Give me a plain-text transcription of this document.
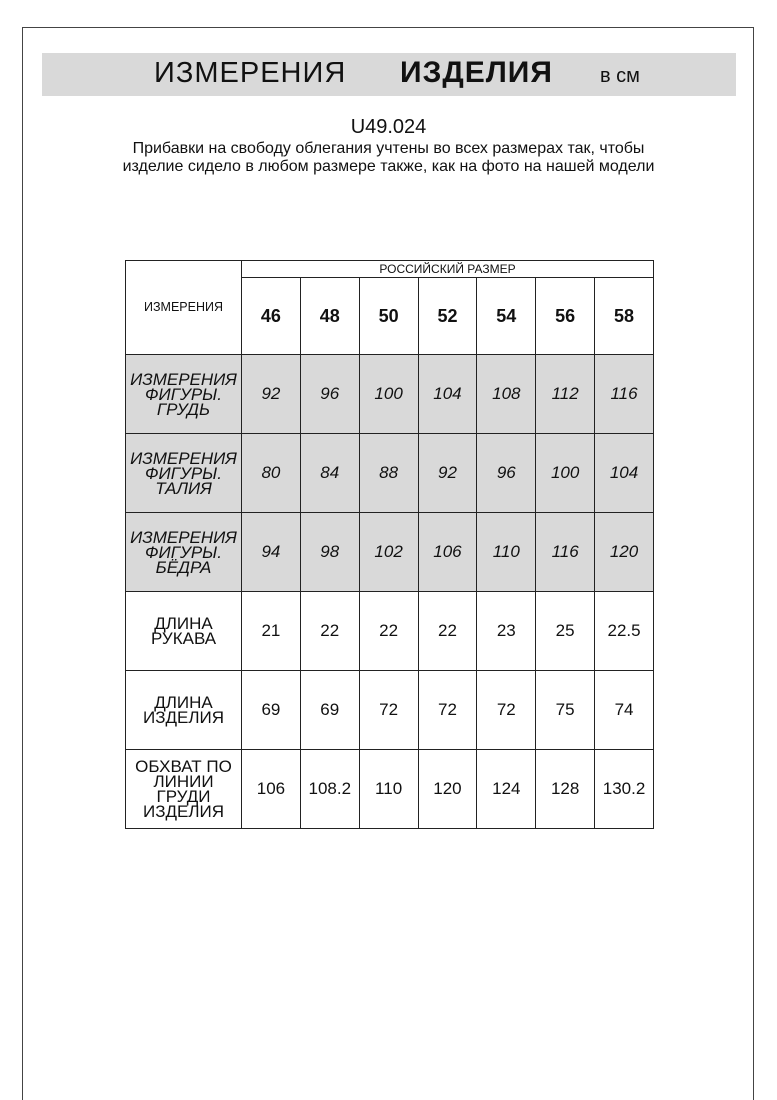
ИЗМЕРЕНИЯ ИЗДЕЛИЯ в см
U49.024
Прибавки на свободу облегания учтены во всех размерах так, чтобы изделие сидело в любом размере также, как на фото на нашей модели
ИЗМЕРЕНИЯ	РОССИЙСКИЙ РАЗМЕР						
	46	48	50	52	54	56	58
ИЗМЕРЕНИЯ ФИГУРЫ. ГРУДЬ	92	96	100	104	108	112	116
ИЗМЕРЕНИЯ ФИГУРЫ. ТАЛИЯ	80	84	88	92	96	100	104
ИЗМЕРЕНИЯ ФИГУРЫ. БЁДРА	94	98	102	106	110	116	120
ДЛИНА РУКАВА	21	22	22	22	23	25	22.5
ДЛИНА ИЗДЕЛИЯ	69	69	72	72	72	75	74
ОБХВАТ ПО ЛИНИИ ГРУДИ ИЗДЕЛИЯ	106	108.2	110	120	124	128	130.2
